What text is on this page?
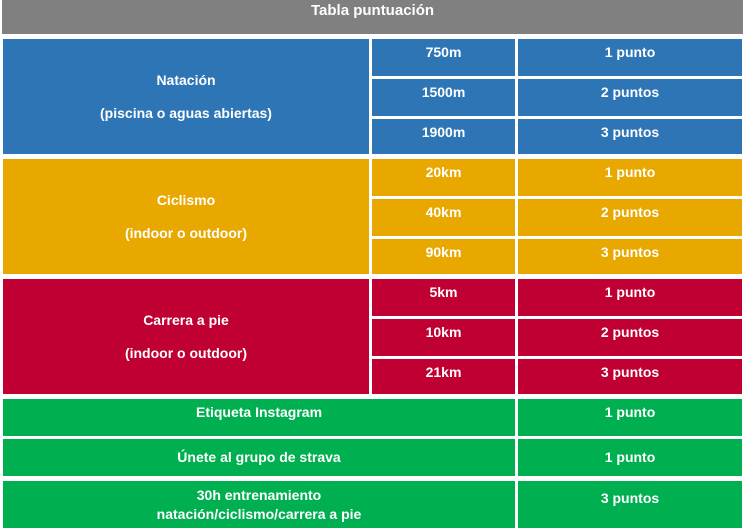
Tabla puntuación
Natación
(piscina o aguas abiertas)
750m	1 punto
1500m	2 puntos
1900m	3 puntos
Ciclismo
(indoor o outdoor)
20km	1 punto
40km	2 puntos
90km	3 puntos
Carrera a pie
(indoor o outdoor)
5km	1 punto
10km	2 puntos
21km	3 puntos
Etiqueta Instagram	1 punto
Únete al grupo de strava	1 punto
30h entrenamiento
natación/ciclismo/carrera a pie
3 puntos
